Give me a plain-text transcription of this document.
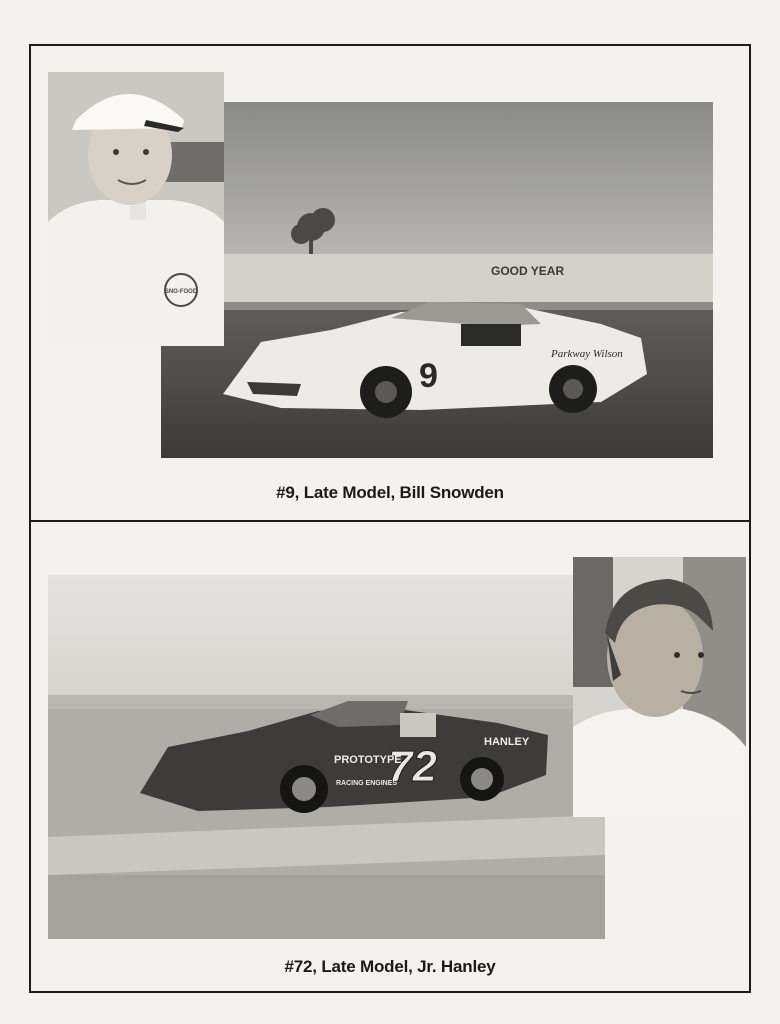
GOOD YEAR
9
Parkway Wilson
SNO-FOOD
#9, Late Model, Bill Snowden
72
PROTOTYPE
RACING ENGINES
HANLEY
#72, Late Model, Jr. Hanley
